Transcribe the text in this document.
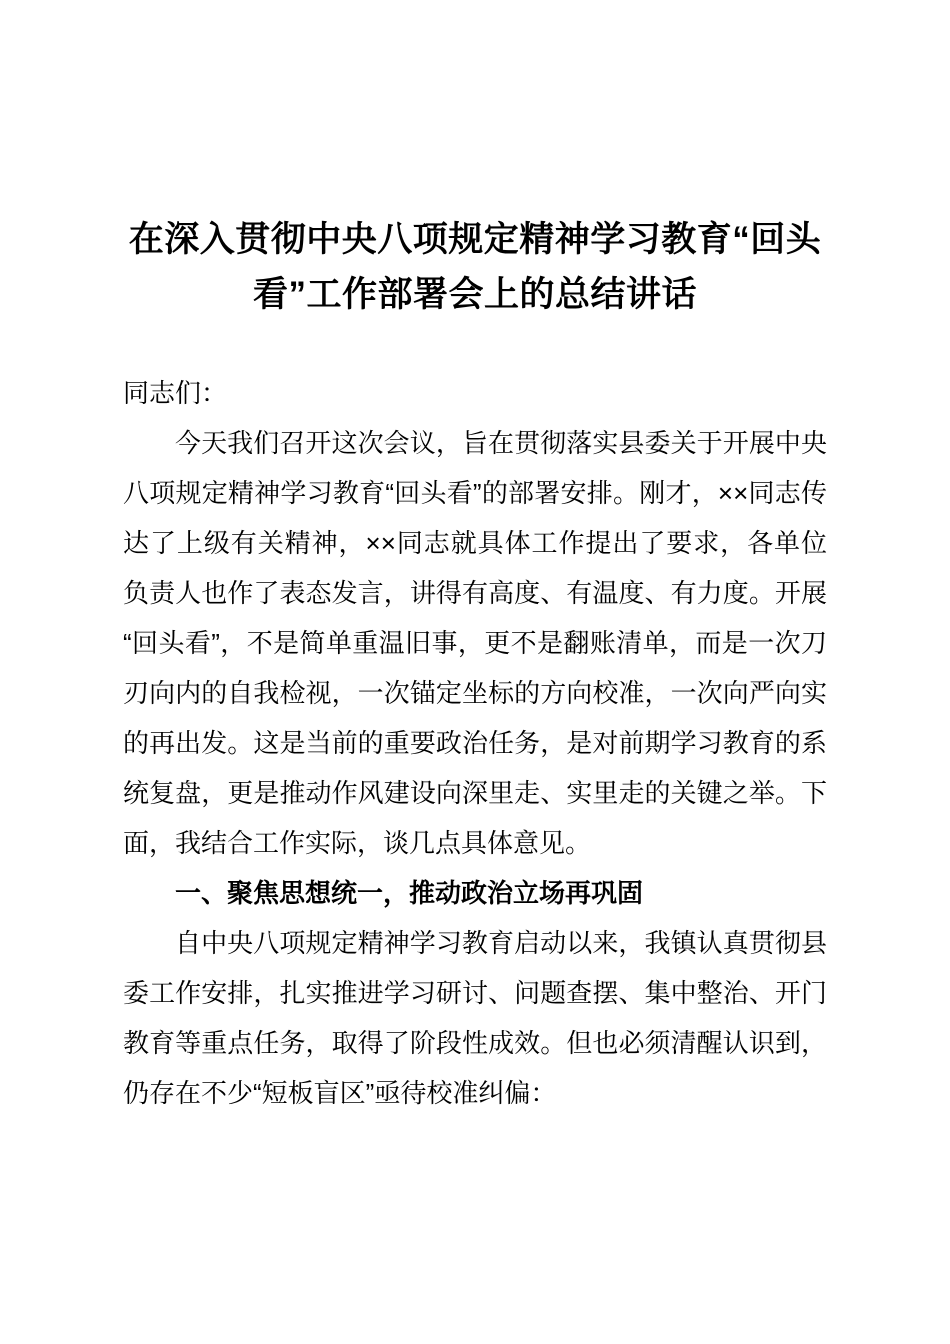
在深入贯彻中央八项规定精神学习教育“回头看”工作部署会上的总结讲话

同志们：

今天我们召开这次会议，旨在贯彻落实县委关于开展中央八项规定精神学习教育“回头看”的部署安排。刚才，××同志传达了上级有关精神，××同志就具体工作提出了要求，各单位负责人也作了表态发言，讲得有高度、有温度、有力度。开展“回头看”，不是简单重温旧事，更不是翻账清单，而是一次刀刃向内的自我检视，一次锚定坐标的方向校准，一次向严向实的再出发。这是当前的重要政治任务，是对前期学习教育的系统复盘，更是推动作风建设向深里走、实里走的关键之举。下面，我结合工作实际，谈几点具体意见。

一、聚焦思想统一，推动政治立场再巩固

自中央八项规定精神学习教育启动以来，我镇认真贯彻县委工作安排，扎实推进学习研讨、问题查摆、集中整治、开门教育等重点任务，取得了阶段性成效。但也必须清醒认识到，仍存在不少“短板盲区”亟待校准纠偏：
